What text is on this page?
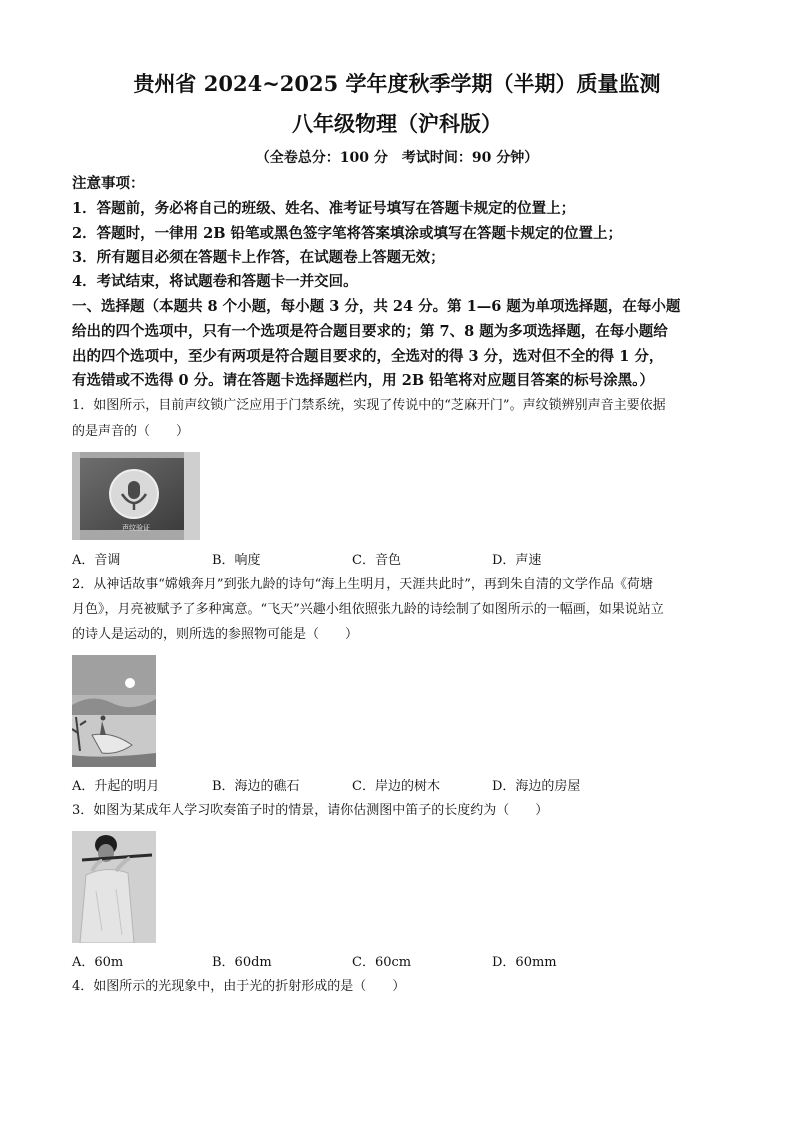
贵州省 2024~2025 学年度秋季学期（半期）质量监测
八年级物理（沪科版）
（全卷总分：100 分　考试时间：90 分钟）
注意事项：
1．答题前，务必将自己的班级、姓名、准考证号填写在答题卡规定的位置上；
2．答题时，一律用 2B 铅笔或黑色签字笔将答案填涂或填写在答题卡规定的位置上；
3．所有题目必须在答题卡上作答，在试题卷上答题无效；
4．考试结束，将试题卷和答题卡一并交回。
一、选择题（本题共 8 个小题，每小题 3 分，共 24 分。第 1—6 题为单项选择题，在每小题
给出的四个选项中，只有一个选项是符合题目要求的；第 7、8 题为多项选择题，在每小题给
出的四个选项中，至少有两项是符合题目要求的，全选对的得 3 分，选对但不全的得 1 分，
有选错或不选得 0 分。请在答题卡选择题栏内，用 2B 铅笔将对应题目答案的标号涂黑。）
1．如图所示，目前声纹锁广泛应用于门禁系统，实现了传说中的“芝麻开门”。声纹锁辨别声音主要依据
的是声音的（　　）
声纹验证
A．音调	B．响度	C．音色	D．声速
2．从神话故事“嫦娥奔月”到张九龄的诗句“海上生明月，天涯共此时”，再到朱自清的文学作品《荷塘
月色》，月亮被赋予了多种寓意。“飞天”兴趣小组依照张九龄的诗绘制了如图所示的一幅画，如果说站立
的诗人是运动的，则所选的参照物可能是（　　）
A．升起的明月	B．海边的礁石	C．岸边的树木	D．海边的房屋
3．如图为某成年人学习吹奏笛子时的情景，请你估测图中笛子的长度约为（　　）
A．60m	B．60dm	C．60cm	D．60mm
4．如图所示的光现象中，由于光的折射形成的是（　　）
